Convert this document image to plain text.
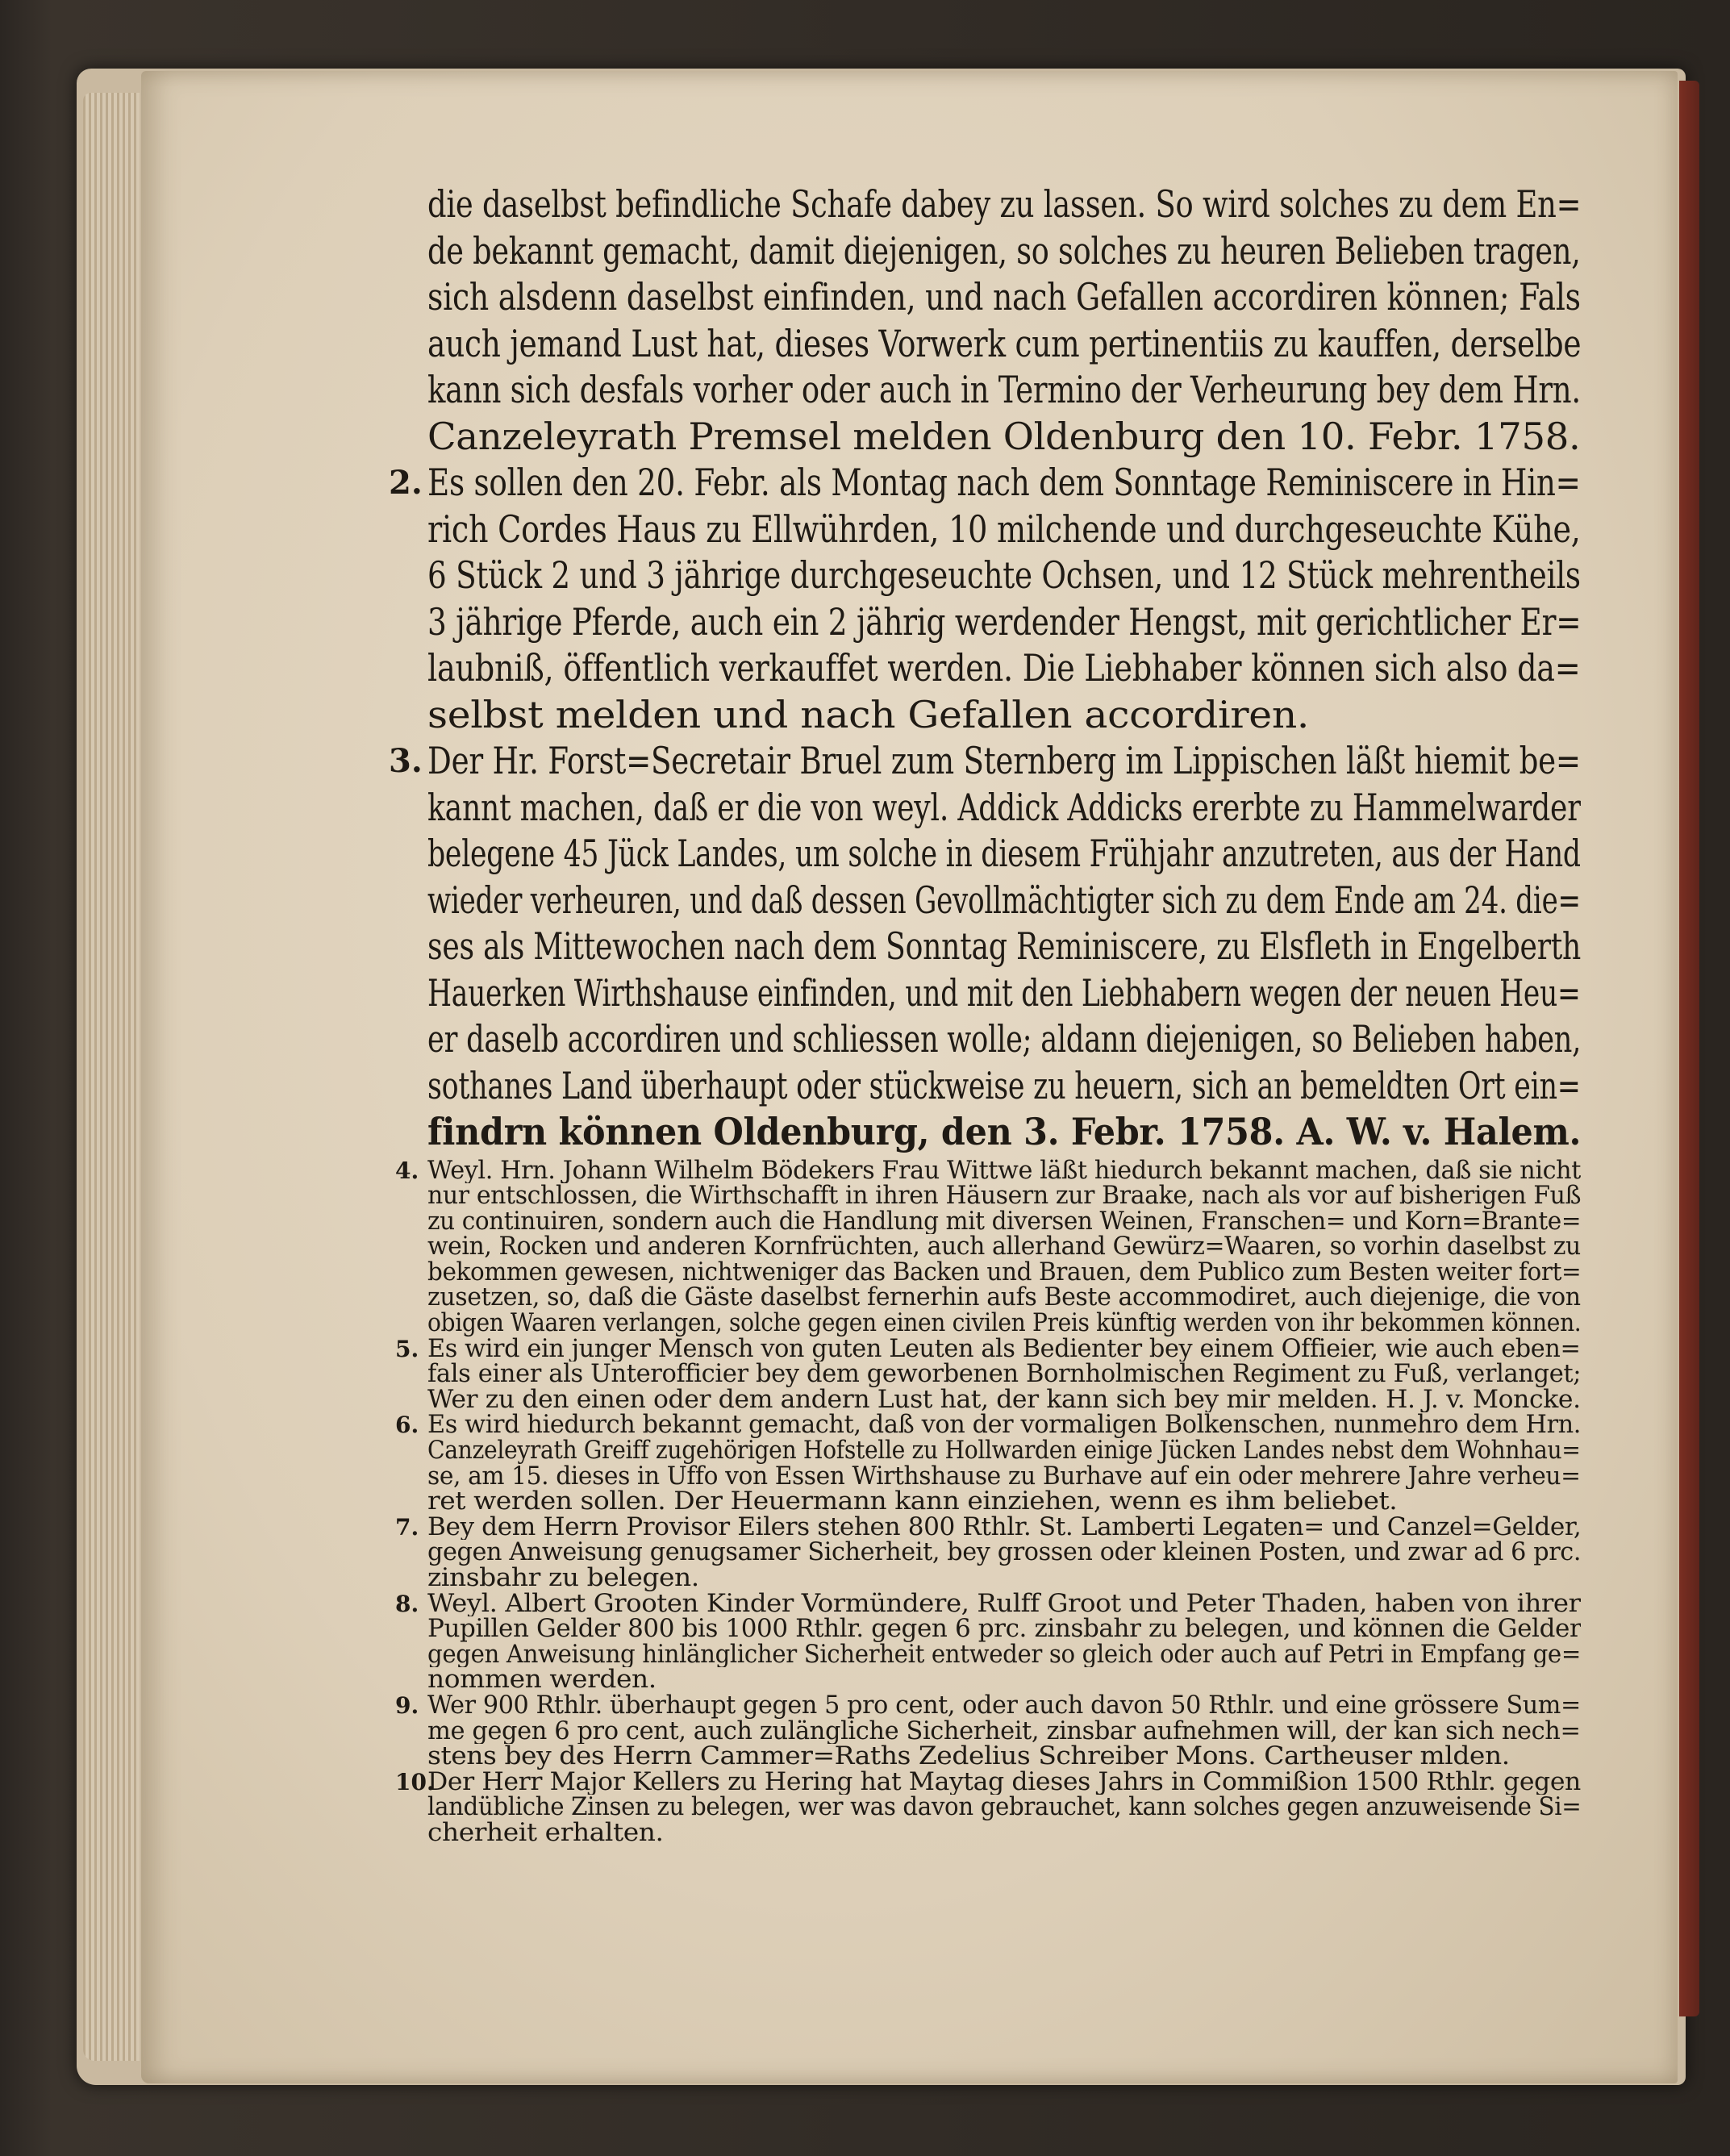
die daselbst befindliche Schafe dabey zu lassen. So wird solches zu dem En=
de bekannt gemacht, damit diejenigen, so solches zu heuren Belieben tragen,
sich alsdenn daselbst einfinden, und nach Gefallen accordiren können; Fals
auch jemand Lust hat, dieses Vorwerk cum pertinentiis zu kauffen, derselbe
kann sich desfals vorher oder auch in Termino der Verheurung bey dem Hrn.
Canzeleyrath Premsel melden Oldenburg den 10. Febr. 1758.
2. Es sollen den 20. Febr. als Montag nach dem Sonntage Reminiscere in Hin=
rich Cordes Haus zu Ellwührden, 10 milchende und durchgeseuchte Kühe,
6 Stück 2 und 3 jährige durchgeseuchte Ochsen, und 12 Stück mehrentheils
3 jährige Pferde, auch ein 2 jährig werdender Hengst, mit gerichtlicher Er=
laubniß, öffentlich verkauffet werden. Die Liebhaber können sich also da=
selbst melden und nach Gefallen accordiren.
3. Der Hr. Forst=Secretair Bruel zum Sternberg im Lippischen läßt hiemit be=
kannt machen, daß er die von weyl. Addick Addicks ererbte zu Hammelwarder
belegene 45 Jück Landes, um solche in diesem Frühjahr anzutreten, aus der Hand
wieder verheuren, und daß dessen Gevollmächtigter sich zu dem Ende am 24. die=
ses als Mittewochen nach dem Sonntag Reminiscere, zu Elsfleth in Engelberth
Hauerken Wirthshause einfinden, und mit den Liebhabern wegen der neuen Heu=
er daselb accordiren und schliessen wolle; aldann diejenigen, so Belieben haben,
sothanes Land überhaupt oder stückweise zu heuern, sich an bemeldten Ort ein=
findrn können Oldenburg, den 3. Febr. 1758. A. W. v. Halem.
4. Weyl. Hrn. Johann Wilhelm Bödekers Frau Wittwe läßt hiedurch bekannt machen, daß sie nicht
nur entschlossen, die Wirthschafft in ihren Häusern zur Braake, nach als vor auf bisherigen Fuß
zu continuiren, sondern auch die Handlung mit diversen Weinen, Franschen= und Korn=Brante=
wein, Rocken und anderen Kornfrüchten, auch allerhand Gewürz=Waaren, so vorhin daselbst zu
bekommen gewesen, nichtweniger das Backen und Brauen, dem Publico zum Besten weiter fort=
zusetzen, so, daß die Gäste daselbst fernerhin aufs Beste accommodiret, auch diejenige, die von
obigen Waaren verlangen, solche gegen einen civilen Preis künftig werden von ihr bekommen können.
5. Es wird ein junger Mensch von guten Leuten als Bedienter bey einem Offieier, wie auch eben=
fals einer als Unterofficier bey dem geworbenen Bornholmischen Regiment zu Fuß, verlanget;
Wer zu den einen oder dem andern Lust hat, der kann sich bey mir melden. H. J. v. Moncke.
6. Es wird hiedurch bekannt gemacht, daß von der vormaligen Bolkenschen, nunmehro dem Hrn.
Canzeleyrath Greiff zugehörigen Hofstelle zu Hollwarden einige Jücken Landes nebst dem Wohnhau=
se, am 15. dieses in Uffo von Essen Wirthshause zu Burhave auf ein oder mehrere Jahre verheu=
ret werden sollen. Der Heuermann kann einziehen, wenn es ihm beliebet.
7. Bey dem Herrn Provisor Eilers stehen 800 Rthlr. St. Lamberti Legaten= und Canzel=Gelder,
gegen Anweisung genugsamer Sicherheit, bey grossen oder kleinen Posten, und zwar ad 6 prc.
zinsbahr zu belegen.
8. Weyl. Albert Grooten Kinder Vormündere, Rulff Groot und Peter Thaden, haben von ihrer
Pupillen Gelder 800 bis 1000 Rthlr. gegen 6 prc. zinsbahr zu belegen, und können die Gelder
gegen Anweisung hinlänglicher Sicherheit entweder so gleich oder auch auf Petri in Empfang ge=
nommen werden.
9. Wer 900 Rthlr. überhaupt gegen 5 pro cent, oder auch davon 50 Rthlr. und eine grössere Sum=
me gegen 6 pro cent, auch zulängliche Sicherheit, zinsbar aufnehmen will, der kan sich nech=
stens bey des Herrn Cammer=Raths Zedelius Schreiber Mons. Cartheuser mlden.
10.
Der Herr Major Kellers zu Hering hat Maytag dieses Jahrs in Commißion 1500 Rthlr. gegen
landübliche Zinsen zu belegen, wer was davon gebrauchet, kann solches gegen anzuweisende Si=
cherheit erhalten.
